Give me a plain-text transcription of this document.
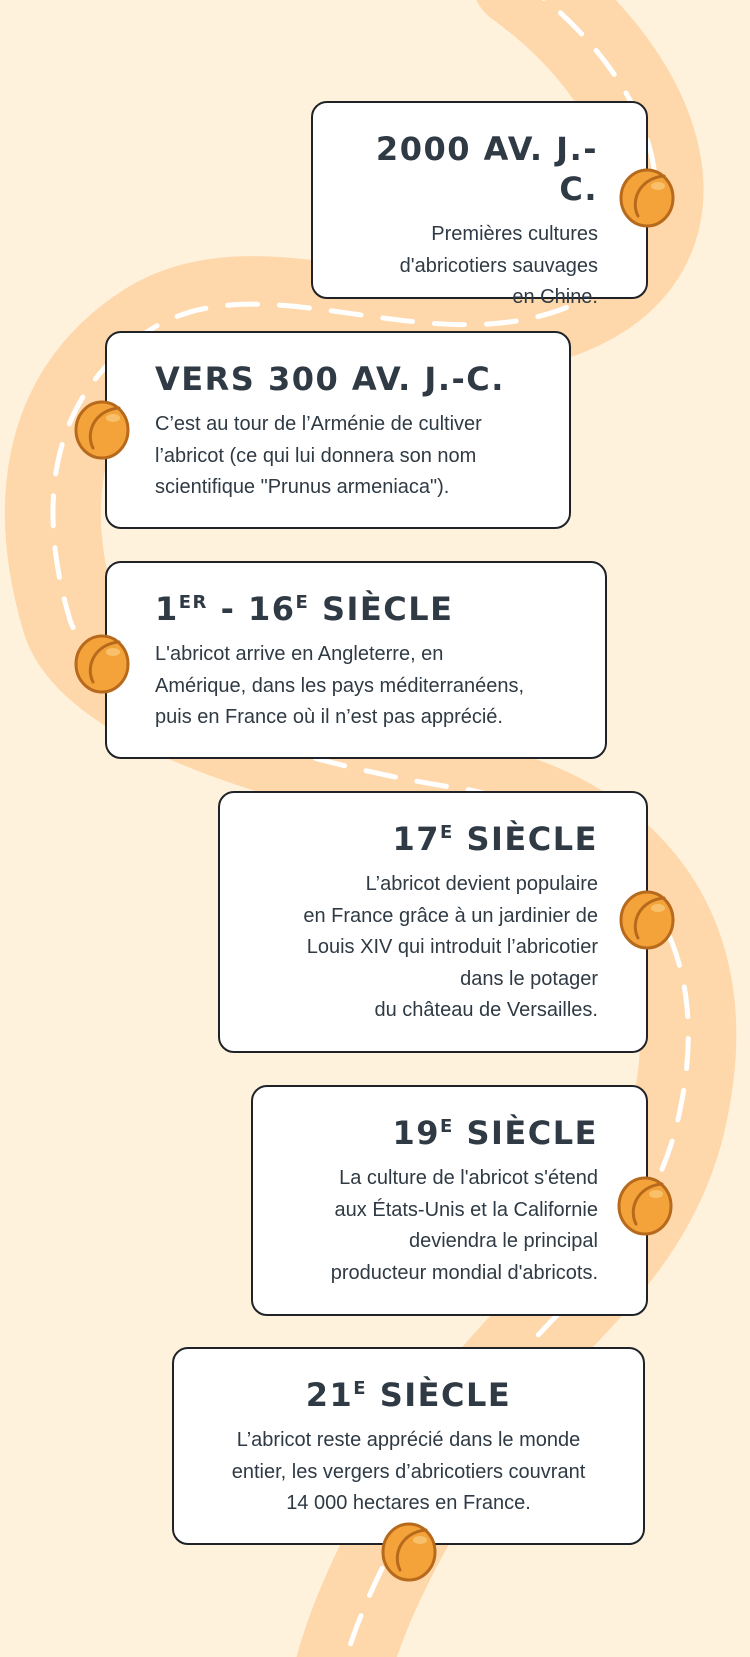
2000 AV. J.-C.

Premières cultures
d'abricotiers sauvages
en Chine.

VERS 300 AV. J.-C.

C’est au tour de l’Arménie de cultiver
l’abricot (ce qui lui donnera son nom
scientifique "Prunus armeniaca").

$1ER - 16^E$ SIÈCLE

L'abricot arrive en Angleterre, en
Amérique, dans les pays méditerranéens,
puis en France où il n’est pas apprécié.

$17^E$ SIÈCLE

L’abricot devient populaire
en France grâce à un jardinier de
Louis XIV qui introduit l’abricotier
dans le potager
du château de Versailles.

$19^E$ SIÈCLE

La culture de l'abricot s'étend
aux États-Unis et la Californie
deviendra le principal
producteur mondial d'abricots.

$21^E$ SIÈCLE

L’abricot reste apprécié dans le monde
entier, les vergers d’abricotiers couvrant
14 000 hectares en France.
